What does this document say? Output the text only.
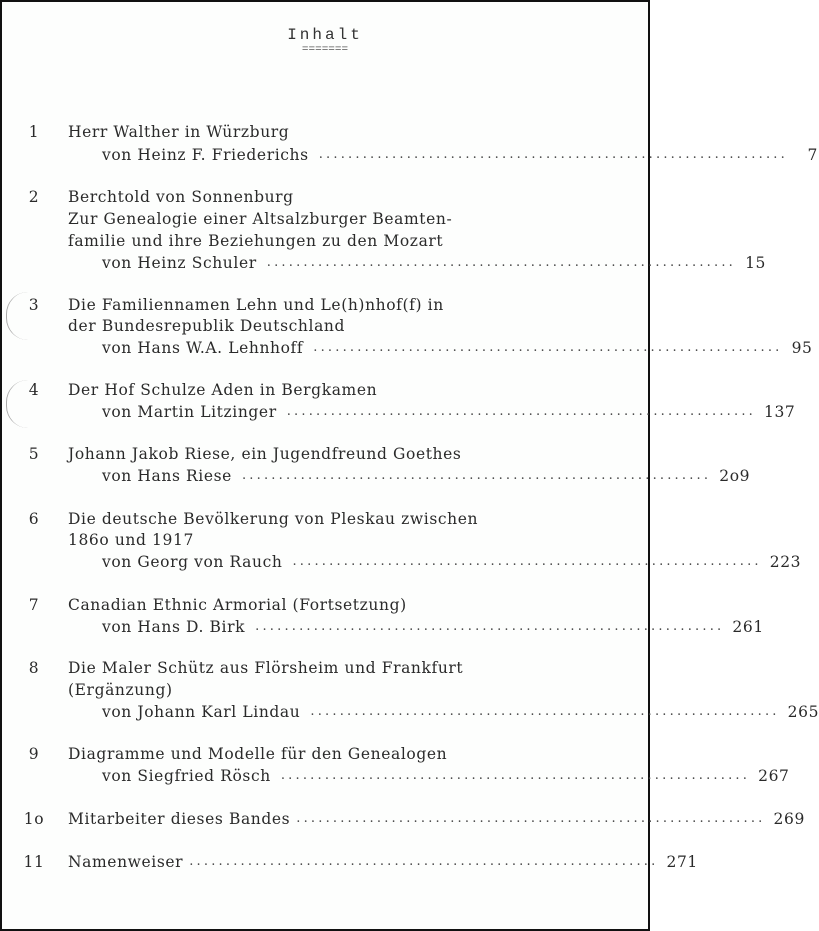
Inhalt
=======
1	Herr Walther in Würzburg
von Heinz F. Friederichs ................................................................	7
2	Berchtold von Sonnenburg
Zur Genealogie einer Altsalzburger Beamten-
familie und ihre Beziehungen zu den Mozart
von Heinz Schuler ................................................................ 15
3	Die Familiennamen Lehn und Le(h)nhof(f) in
der Bundesrepublik Deutschland
von Hans W.A. Lehnhoff ................................................................ 95
4	Der Hof Schulze Aden in Bergkamen
von Martin Litzinger ................................................................ 137
5	Johann Jakob Riese, ein Jugendfreund Goethes
von Hans Riese ................................................................ 2o9
6	Die deutsche Bevölkerung von Pleskau zwischen
186o und 1917
von Georg von Rauch ................................................................ 223
7	Canadian Ethnic Armorial (Fortsetzung)
von Hans D. Birk ................................................................ 261
8	Die Maler Schütz aus Flörsheim und Frankfurt
(Ergänzung)
von Johann Karl Lindau ................................................................ 265
9	Diagramme und Modelle für den Genealogen
von Siegfried Rösch ................................................................ 267
1o Mitarbeiter dieses Bandes ................................................................ 269
11 Namenweiser ................................................................ 271
